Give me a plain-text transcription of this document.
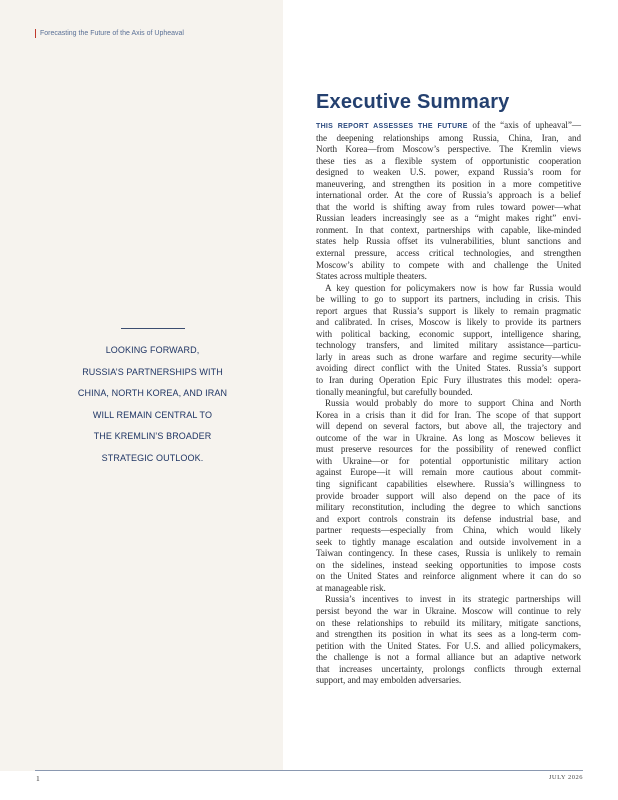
Forecasting the Future of the Axis of Upheaval
LOOKING FORWARD,
RUSSIA’S PARTNERSHIPS WITH
CHINA, NORTH KOREA, AND IRAN
WILL REMAIN CENTRAL TO
THE KREMLIN’S BROADER
STRATEGIC OUTLOOK.
Executive Summary

THIS REPORT ASSESSES THE FUTURE of the “axis of upheaval”—
the deepening relationships among Russia, China, Iran, and
North Korea—from Moscow’s perspective. The Kremlin views
these ties as a flexible system of opportunistic cooperation
designed to weaken U.S. power, expand Russia’s room for
maneuvering, and strengthen its position in a more competitive
international order. At the core of Russia’s approach is a belief
that the world is shifting away from rules toward power—what
Russian leaders increasingly see as a “might makes right” envi-
ronment. In that context, partnerships with capable, like-minded
states help Russia offset its vulnerabilities, blunt sanctions and
external pressure, access critical technologies, and strengthen
Moscow’s ability to compete with and challenge the United
States across multiple theaters.

A key question for policymakers now is how far Russia would
be willing to go to support its partners, including in crisis. This
report argues that Russia’s support is likely to remain pragmatic
and calibrated. In crises, Moscow is likely to provide its partners
with political backing, economic support, intelligence sharing,
technology transfers, and limited military assistance—particu-
larly in areas such as drone warfare and regime security—while
avoiding direct conflict with the United States. Russia’s support
to Iran during Operation Epic Fury illustrates this model: opera-
tionally meaningful, but carefully bounded.

Russia would probably do more to support China and North
Korea in a crisis than it did for Iran. The scope of that support
will depend on several factors, but above all, the trajectory and
outcome of the war in Ukraine. As long as Moscow believes it
must preserve resources for the possibility of renewed conflict
with Ukraine—or for potential opportunistic military action
against Europe—it will remain more cautious about commit-
ting significant capabilities elsewhere. Russia’s willingness to
provide broader support will also depend on the pace of its
military reconstitution, including the degree to which sanctions
and export controls constrain its defense industrial base, and
partner requests—especially from China, which would likely
seek to tightly manage escalation and outside involvement in a
Taiwan contingency. In these cases, Russia is unlikely to remain
on the sidelines, instead seeking opportunities to impose costs
on the United States and reinforce alignment where it can do so
at manageable risk.

Russia’s incentives to invest in its strategic partnerships will
persist beyond the war in Ukraine. Moscow will continue to rely
on these relationships to rebuild its military, mitigate sanctions,
and strengthen its position in what its sees as a long-term com-
petition with the United States. For U.S. and allied policymakers,
the challenge is not a formal alliance but an adaptive network
that increases uncertainty, prolongs conflicts through external
support, and may embolden adversaries.

1	JULY 2026
